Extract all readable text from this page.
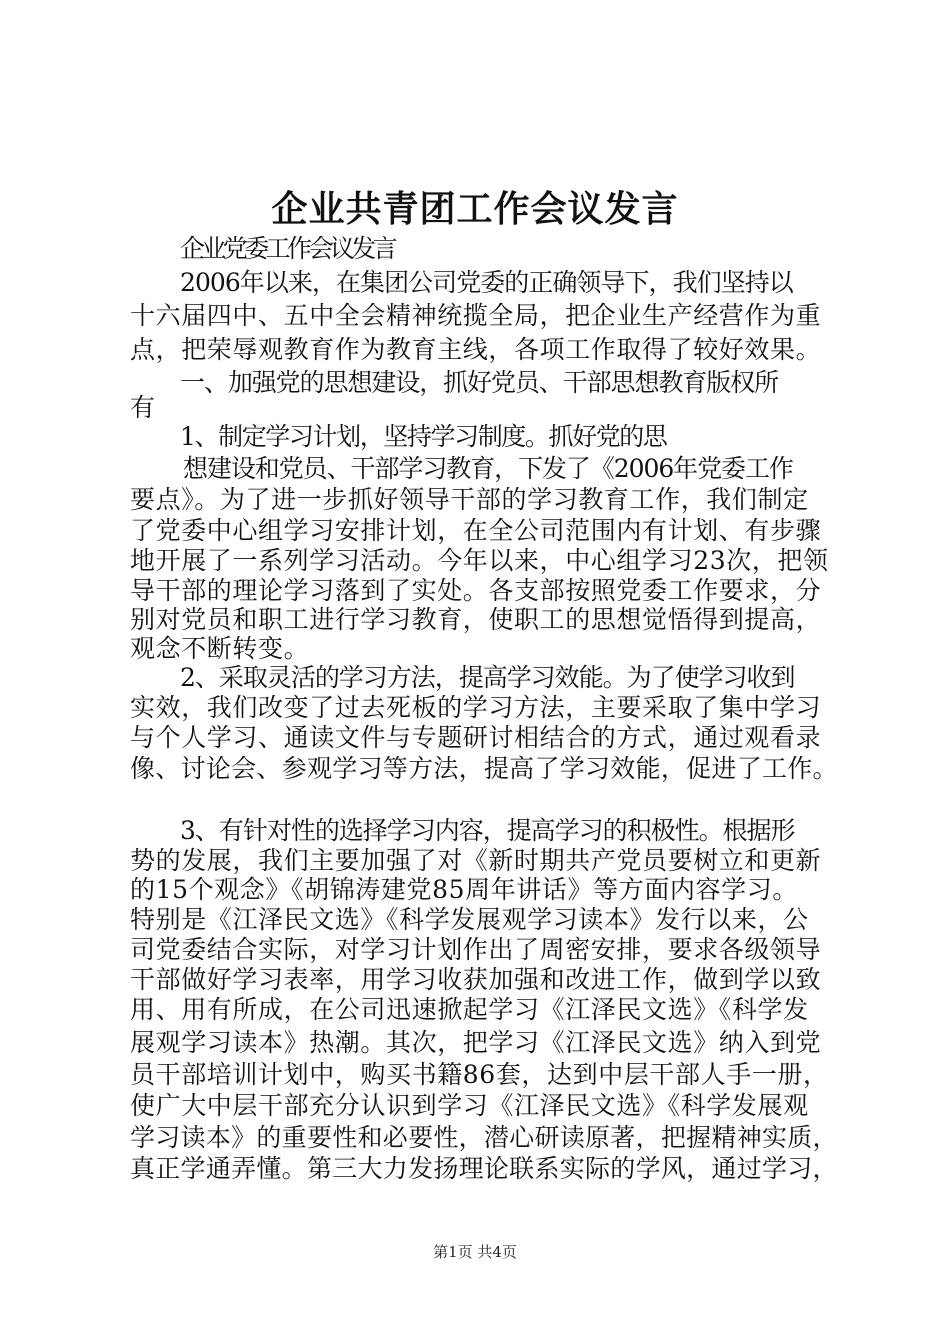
企业共青团工作会议发言
企业党委工作会议发言
2006年以来，在集团公司党委的正确领导下，我们坚持以
十六届四中、五中全会精神统揽全局，把企业生产经营作为重
点，把荣辱观教育作为教育主线，各项工作取得了较好效果。
一、加强党的思想建设，抓好党员、干部思想教育版权所
有
1、制定学习计划，坚持学习制度。抓好党的思
想建设和党员、干部学习教育，下发了《2006年党委工作
要点》。为了进一步抓好领导干部的学习教育工作，我们制定
了党委中心组学习安排计划，在全公司范围内有计划、有步骤
地开展了一系列学习活动。今年以来，中心组学习23次，把领
导干部的理论学习落到了实处。各支部按照党委工作要求，分
别对党员和职工进行学习教育，使职工的思想觉悟得到提高，
观念不断转变。
2、采取灵活的学习方法，提高学习效能。为了使学习收到
实效，我们改变了过去死板的学习方法，主要采取了集中学习
与个人学习、通读文件与专题研讨相结合的方式，通过观看录
像、讨论会、参观学习等方法，提高了学习效能，促进了工作。
3、有针对性的选择学习内容，提高学习的积极性。根据形
势的发展，我们主要加强了对《新时期共产党员要树立和更新
的15个观念》《胡锦涛建党85周年讲话》等方面内容学习。
特别是《江泽民文选》《科学发展观学习读本》发行以来，公
司党委结合实际，对学习计划作出了周密安排，要求各级领导
干部做好学习表率，用学习收获加强和改进工作，做到学以致
用、用有所成，在公司迅速掀起学习《江泽民文选》《科学发
展观学习读本》热潮。其次，把学习《江泽民文选》纳入到党
员干部培训计划中，购买书籍86套，达到中层干部人手一册，
使广大中层干部充分认识到学习《江泽民文选》《科学发展观
学习读本》的重要性和必要性，潜心研读原著，把握精神实质，
真正学通弄懂。第三大力发扬理论联系实际的学风，通过学习，
第1页 共4页
